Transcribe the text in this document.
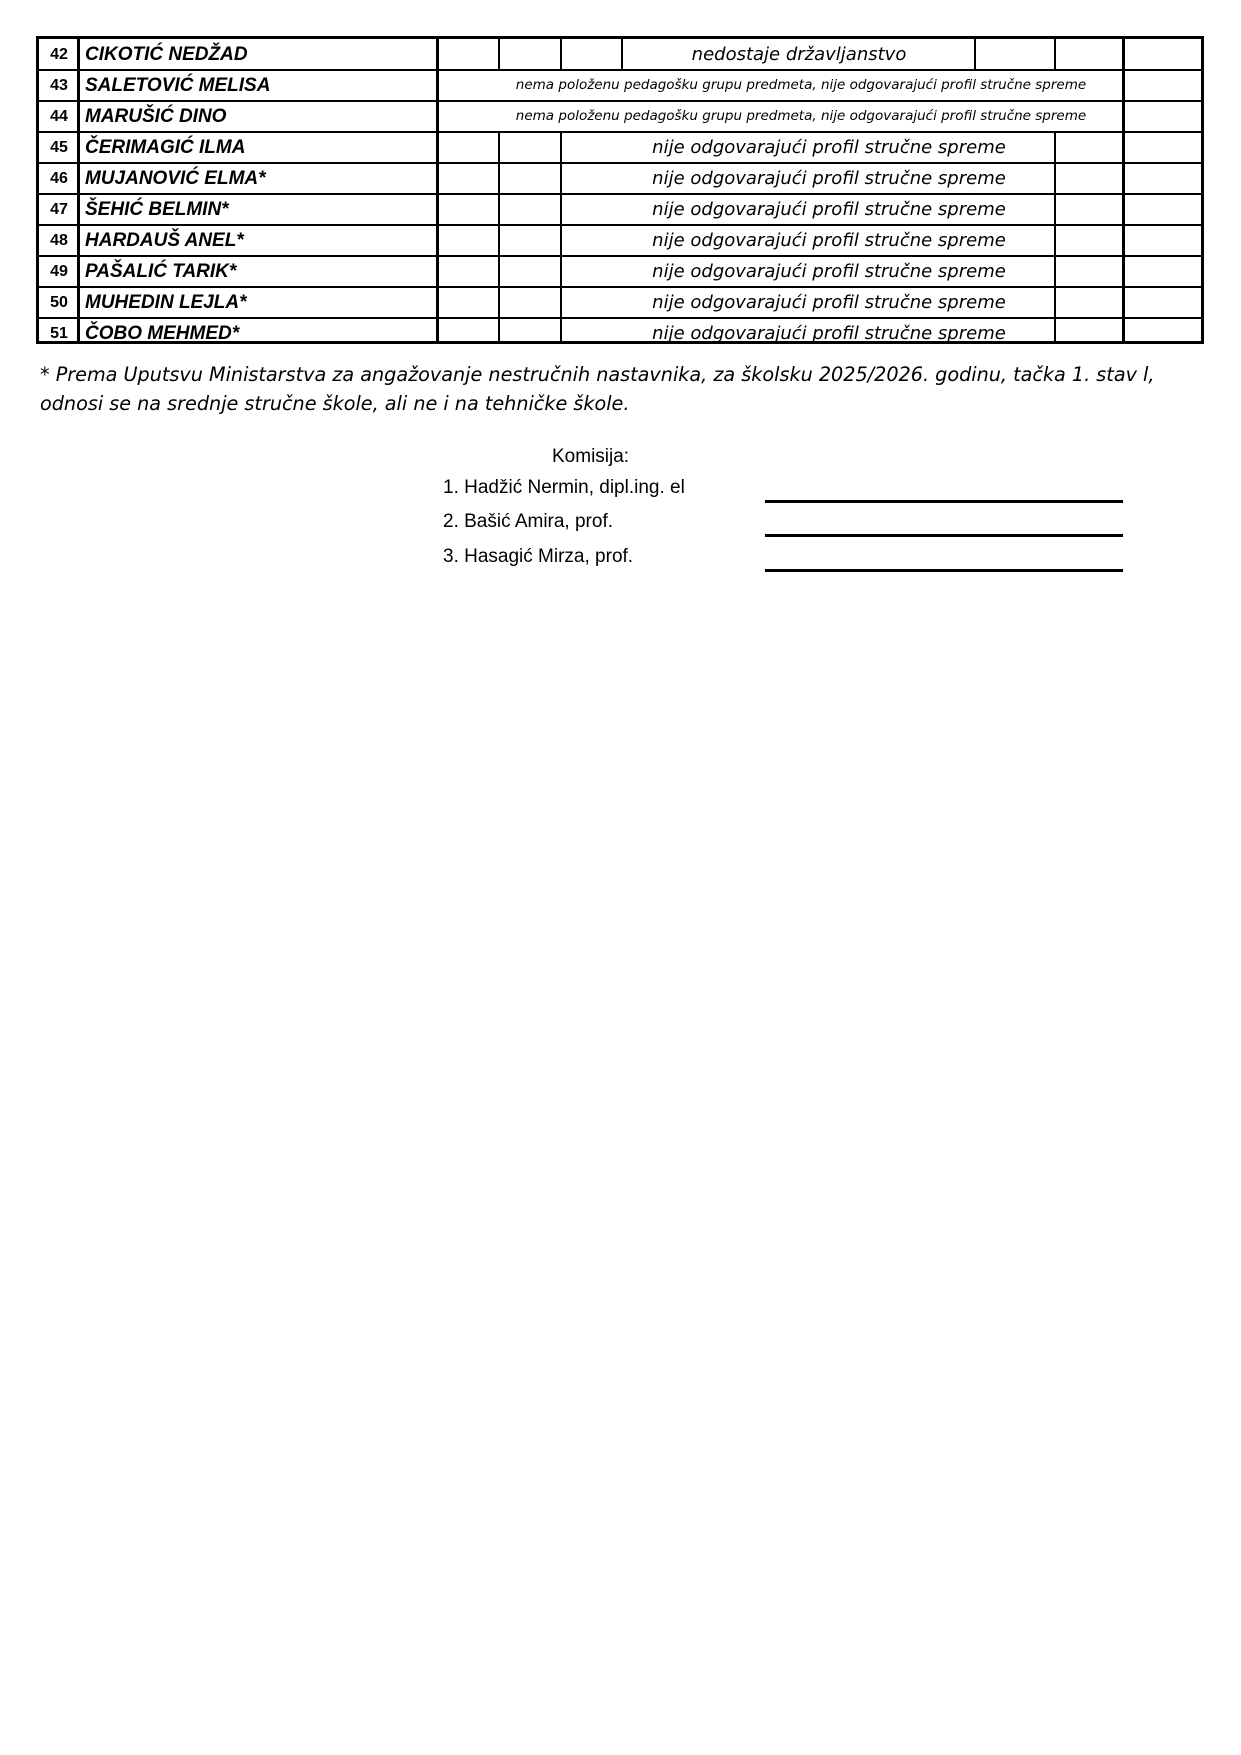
42 CIKOTIĆ NEDŽAD	nedostaje državljanstvo
43 SALETOVIĆ MELISA	nema položenu pedagošku grupu predmeta, nije odgovarajući profil stručne spreme
44 MARUŠIĆ DINO	nema položenu pedagošku grupu predmeta, nije odgovarajući profil stručne spreme
45 ČERIMAGIĆ ILMA	nije odgovarajući profil stručne spreme
46 MUJANOVIĆ ELMA*	nije odgovarajući profil stručne spreme
47 ŠEHIĆ BELMIN*	nije odgovarajući profil stručne spreme
48 HARDAUŠ ANEL*	nije odgovarajući profil stručne spreme
49 PAŠALIĆ TARIK*	nije odgovarajući profil stručne spreme
50 MUHEDIN LEJLA*	nije odgovarajući profil stručne spreme
51 ČOBO MEHMED*	nije odgovarajući profil stručne spreme
* Prema Uputsvu Ministarstva za angažovanje nestručnih nastavnika, za školsku 2025/2026. godinu, tačka 1. stav l, odnosi se na srednje stručne škole, ali ne i na tehničke škole.
Komisija:
1. Hadžić Nermin, dipl.ing. el
2. Bašić Amira, prof.
3. Hasagić Mirza, prof.
